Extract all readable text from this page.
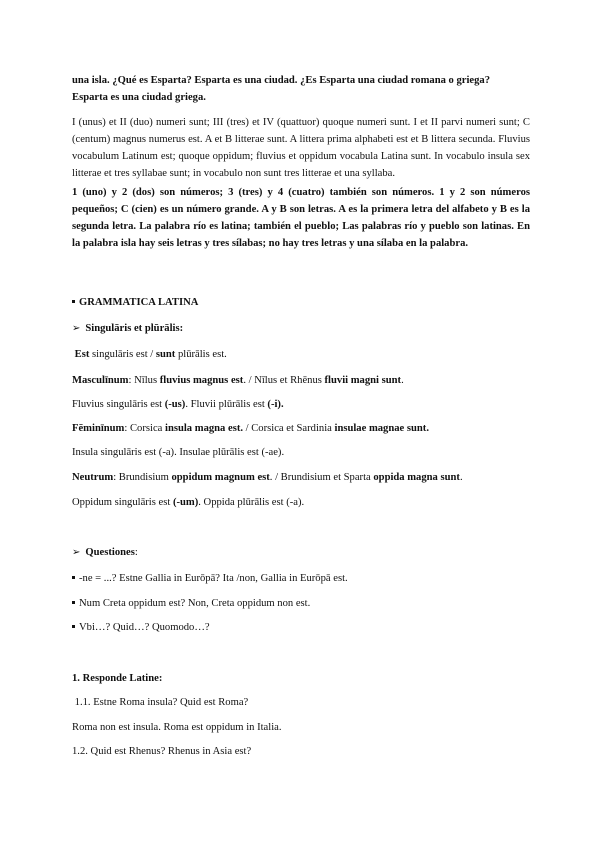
una isla. ¿Qué es Esparta? Esparta es una ciudad. ¿Es Esparta una ciudad romana o griega?
Esparta es una ciudad griega.

I (unus) et II (duo) numeri sunt; III (tres) et IV (quattuor) quoque numeri sunt. I et II parvi numeri sunt; C (centum) magnus numerus est. A et B litterae sunt. A littera prima alphabeti est et B littera secunda. Fluvius vocabulum Latinum est; quoque oppidum; fluvius et oppidum vocabula Latina sunt. In vocabulo insula sex litterae et tres syllabae sunt; in vocabulo non sunt tres litterae et una syllaba.

1 (uno) y 2 (dos) son números; 3 (tres) y 4 (cuatro) también son números. 1 y 2 son números pequeños; C (cien) es un número grande. A y B son letras. A es la primera letra del alfabeto y B es la segunda letra. La palabra río es latina; también el pueblo; Las palabras río y pueblo son latinas. En la palabra isla hay seis letras y tres sílabas; no hay tres letras y una sílaba en la palabra.

GRAMMATICA LATINA

➢ Singulāris et plūrālis:

Est singulāris est / sunt plūrālis est.

Masculīnum: Nīlus fluvius magnus est. / Nīlus et Rhēnus fluvii magni sunt.

Fluvius singulāris est (-us). Fluvii plūrālis est (-i).

Fēminīnum: Corsica insula magna est. / Corsica et Sardinia insulae magnae sunt.

Insula singulāris est (-a). Insulae plūrālis est (-ae).

Neutrum: Brundisium oppidum magnum est. / Brundisium et Sparta oppida magna sunt.

Oppidum singulāris est (-um). Oppida plūrālis est (-a).

➢ Questiones:

-ne = ...? Estne Gallia in Eurōpā? Ita /non, Gallia in Eurōpā est.

Num Creta oppidum est? Non, Creta oppidum non est.

Vbi…? Quid…? Quomodo…?

1. Responde Latine:

1.1. Estne Roma insula? Quid est Roma?

Roma non est insula. Roma est oppidum in Italia.

1.2. Quid est Rhenus? Rhenus in Asia est?
